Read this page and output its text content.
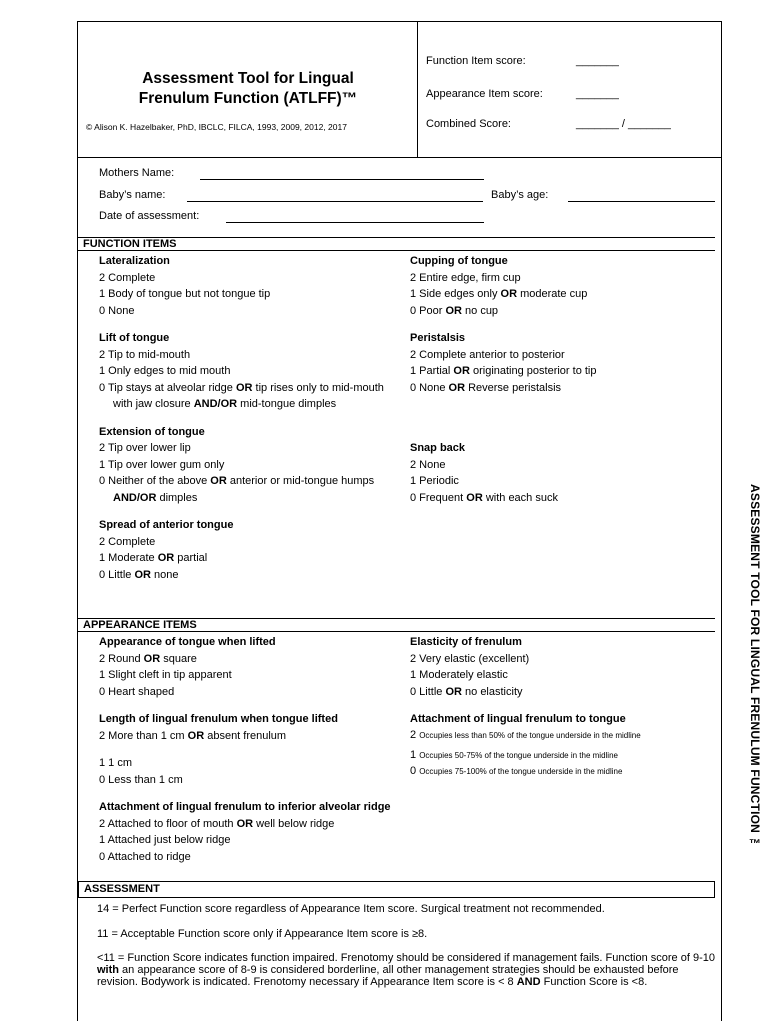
Assessment Tool for Lingual
Frenulum Function (ATLFF)™
© Alison K. Hazelbaker, PhD, IBCLC, FILCA, 1993, 2009, 2012, 2017
Function Item score:	_______
Appearance Item score:	_______
Combined Score:	_______ / _______
Mothers Name:
Baby’s name:	Baby’s age:
Date of assessment:
FUNCTION ITEMS
Lateralization
2 Complete
1 Body of tongue but not tongue tip
0 None
Lift of tongue
2 Tip to mid-mouth
1 Only edges to mid mouth
0 Tip stays at alveolar ridge OR tip rises only to mid-mouth with jaw closure AND/OR mid-tongue dimples
Extension of tongue
2 Tip over lower lip
1 Tip over lower gum only
0 Neither of the above OR anterior or mid-tongue humps AND/OR dimples
Spread of anterior tongue
2 Complete
1 Moderate OR partial
0 Little OR none
Cupping of tongue
2 Entire edge, firm cup
1 Side edges only OR moderate cup
0 Poor OR no cup
Peristalsis
2 Complete anterior to posterior
1 Partial OR originating posterior to tip
0 None OR Reverse peristalsis
Snap back
2 None
1 Periodic
0 Frequent OR with each suck
APPEARANCE ITEMS
Appearance of tongue when lifted
2 Round OR square
1 Slight cleft in tip apparent
0 Heart shaped
Length of lingual frenulum when tongue lifted
2 More than 1 cm OR absent frenulum
1 1 cm
0 Less than 1 cm
Attachment of lingual frenulum to inferior alveolar ridge
2 Attached to floor of mouth OR well below ridge
1 Attached just below ridge
0 Attached to ridge
Elasticity of frenulum
2 Very elastic (excellent)
1 Moderately elastic
0 Little OR no elasticity
Attachment of lingual frenulum to tongue
2 Occupies less than 50% of the tongue underside in the midline
1 Occupies 50-75% of the tongue underside in the midline
0 Occupies 75-100% of the tongue underside in the midline
ASSESSMENT
14 = Perfect Function score regardless of Appearance Item score. Surgical treatment not recommended.
11 = Acceptable Function score only if Appearance Item score is ≥8.
<11 = Function Score indicates function impaired. Frenotomy should be considered if management fails. Function score of 9-10 with an appearance score of 8-9 is considered borderline, all other management strategies should be exhausted before revision. Bodywork is indicated. Frenotomy necessary if Appearance Item score is < 8 AND Function Score is <8.
ASSESSMENT TOOL FOR LINGUAL FRENULUM FUNCTION ™
